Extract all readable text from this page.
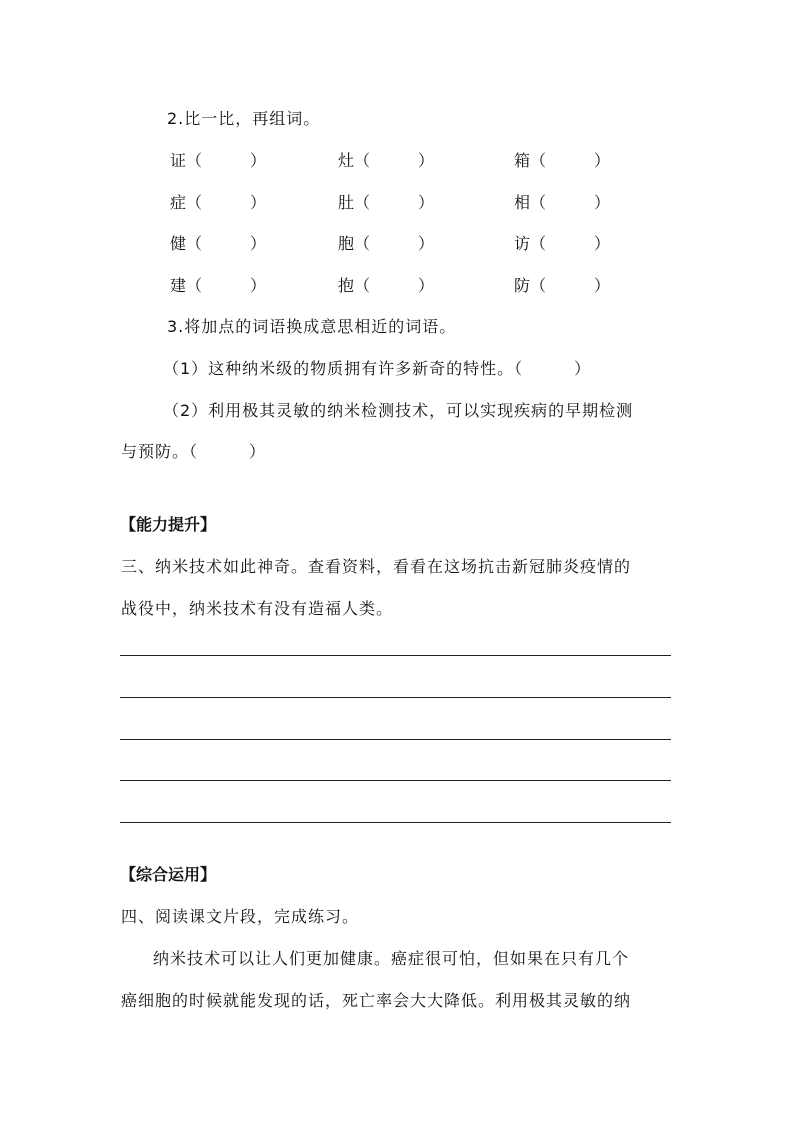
2.比一比，再组词。
证（　　　）	灶（　　　）	箱（　　　）
症（　　　）	肚（　　　）	相（　　　）
健（　　　）	胞（　　　）	访（　　　）
建（　　　）	抱（　　　）	防（　　　）
3.将加点的词语换成意思相近的词语。
（1）这种纳米级的物质拥有许多新奇的特性。（　　　）
（2）利用极其灵敏的纳米检测技术，可以实现疾病的早期检测
与预防。（　　　）
【能力提升】
三、纳米技术如此神奇。查看资料，看看在这场抗击新冠肺炎疫情的
战役中，纳米技术有没有造福人类。
【综合运用】
四、阅读课文片段，完成练习。
纳米技术可以让人们更加健康。癌症很可怕，但如果在只有几个
癌细胞的时候就能发现的话，死亡率会大大降低。利用极其灵敏的纳
